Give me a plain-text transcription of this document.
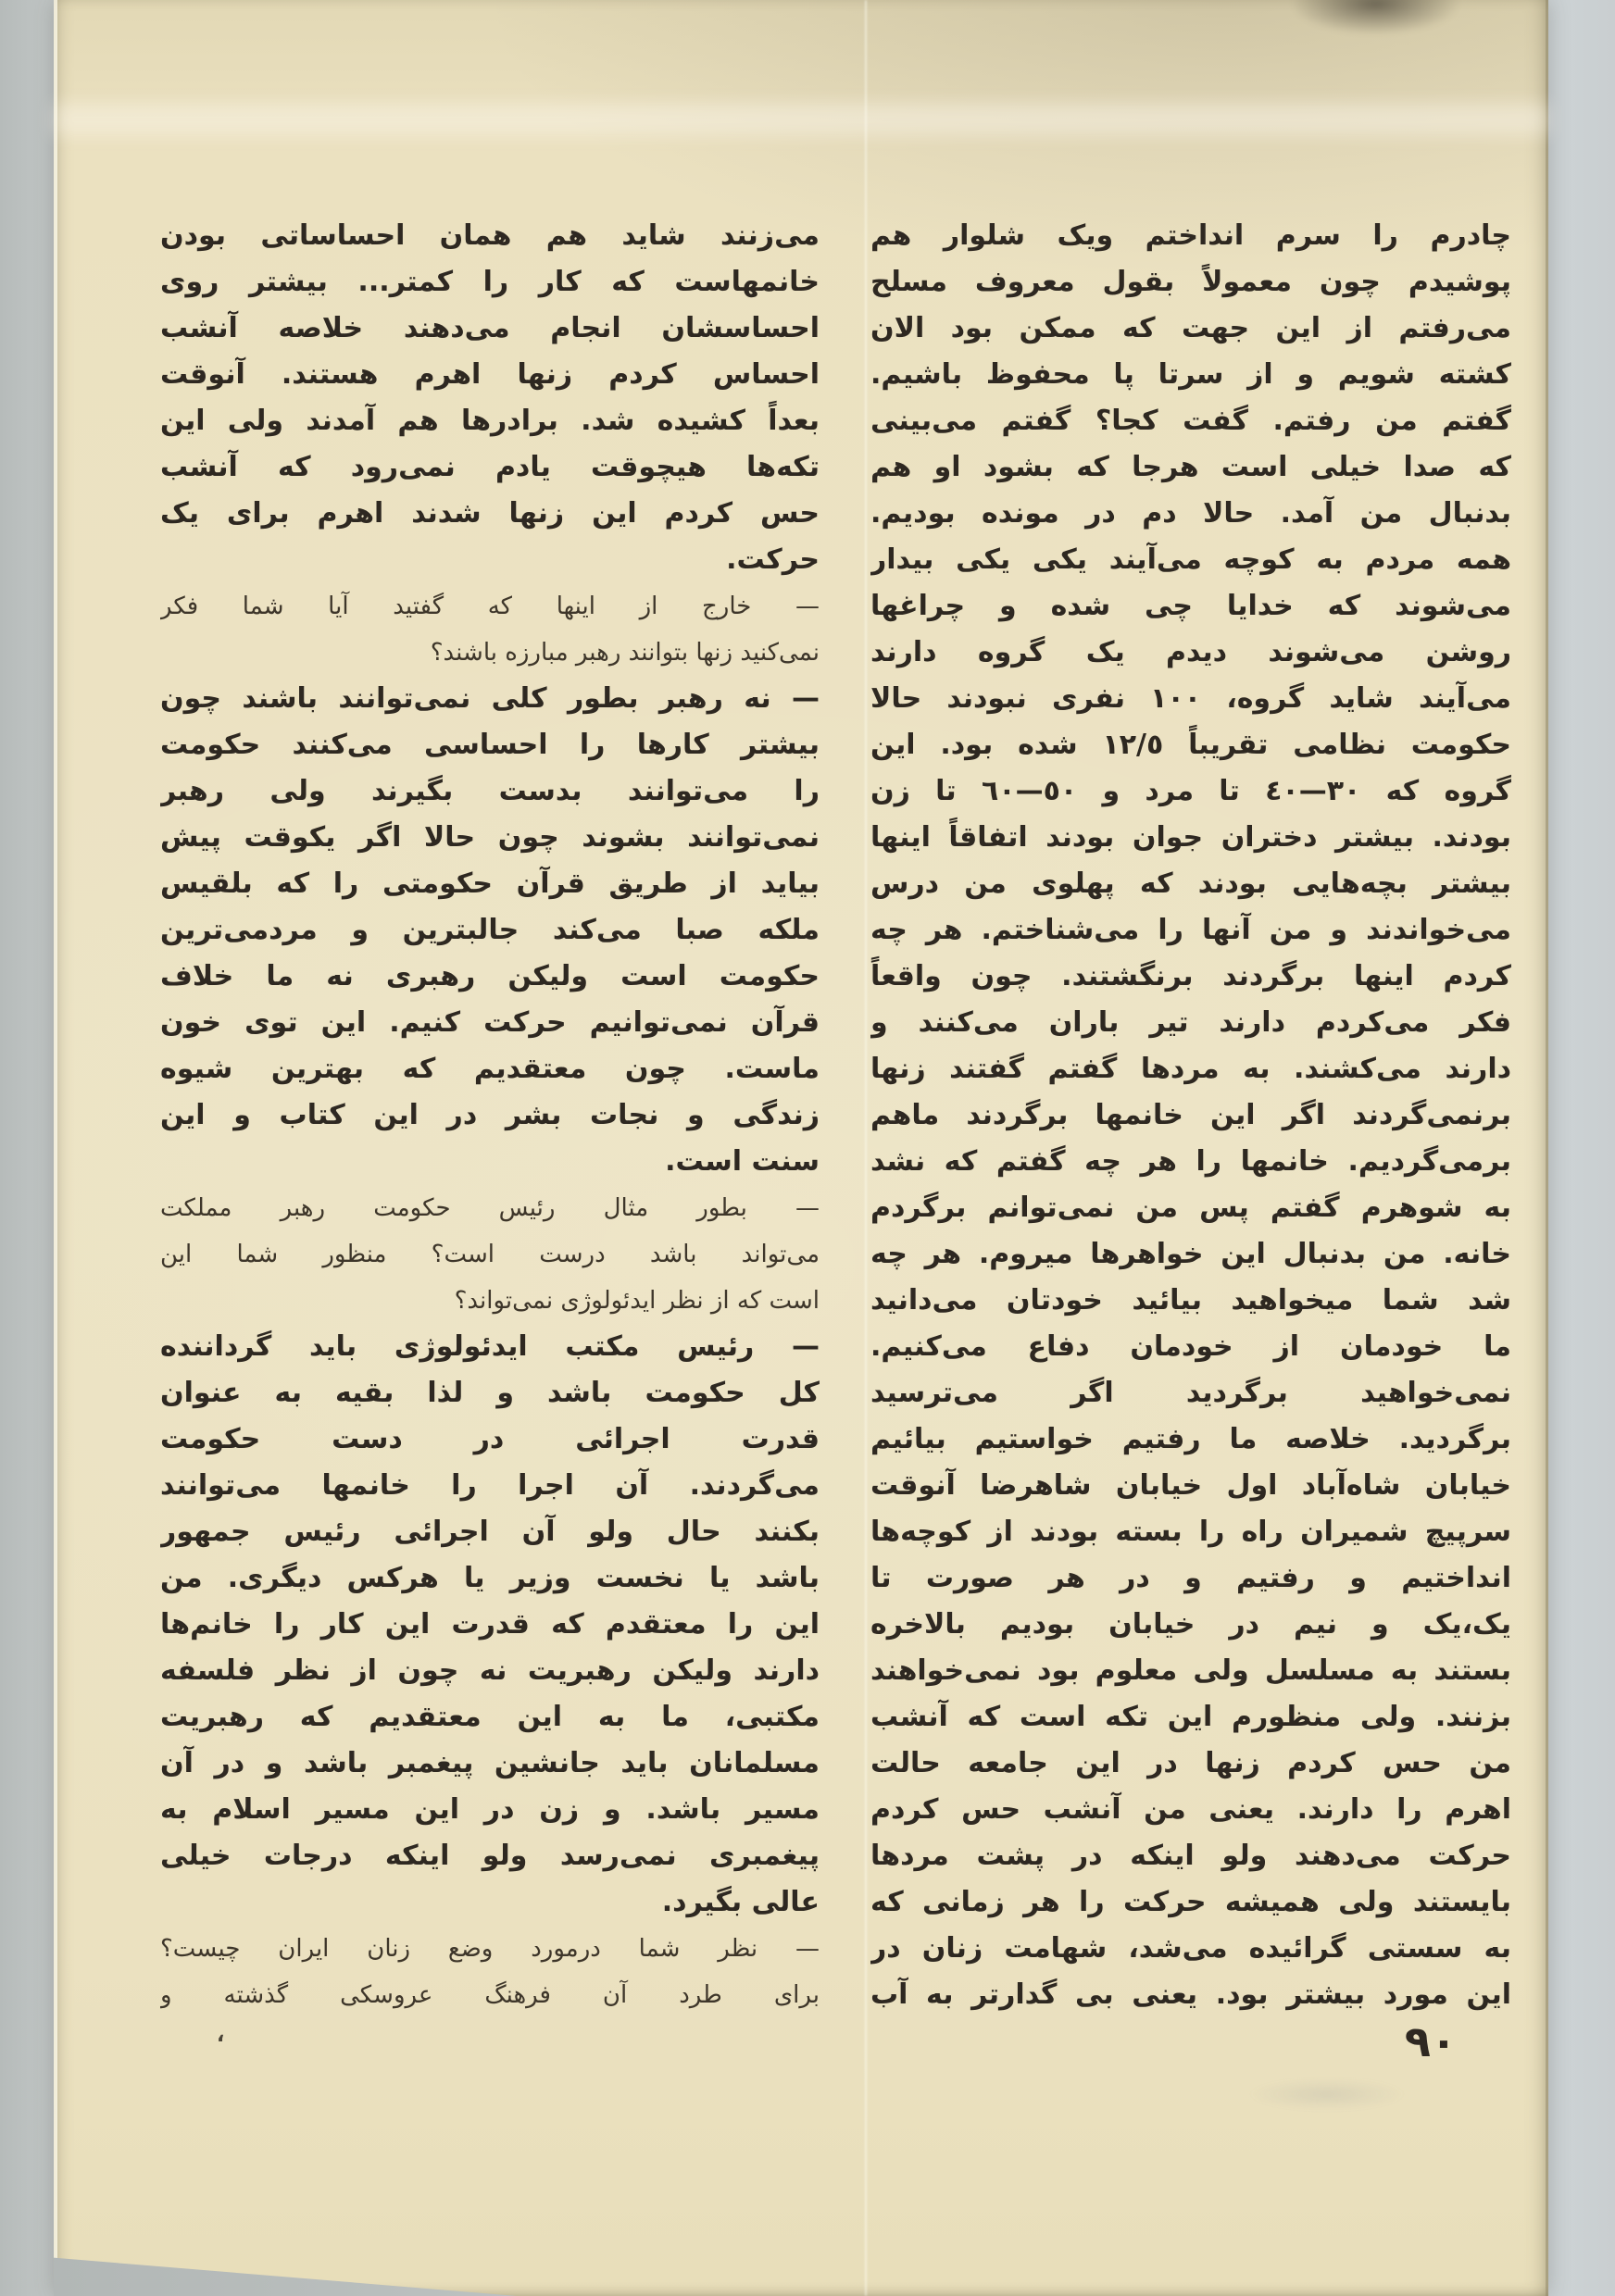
چادرم را سرم انداختم ویک شلوار هم
پوشیدم چون معمولاً بقول معروف مسلح
می‌رفتم از این جهت که ممکن بود الان
کشته شویم و از سرتا پا محفوظ باشیم.
گفتم من رفتم. گفت کجا؟ گفتم می‌بینی
که صدا خیلی است هرجا که بشود او هم
بدنبال من آمد. حالا دم در مونده بودیم.
همه مردم به کوچه می‌آیند یکی یکی بیدار
می‌شوند که خدایا چی شده و چراغها
روشن می‌شوند دیدم یک گروه دارند
می‌آیند شاید گروه، ١٠٠ نفری نبودند حالا
حکومت نظامی تقریباً ١٢/٥ شده بود. این
گروه که ٣٠—٤٠ تا مرد و ٥٠—٦٠ تا زن
بودند. بیشتر دختران جوان بودند اتفاقاً اینها
بیشتر بچه‌هایی بودند که پهلوی من درس
می‌خواندند و من آنها را می‌شناختم. هر چه
کردم اینها برگردند برنگشتند. چون واقعاً
فکر می‌کردم دارند تیر باران می‌کنند و
دارند می‌کشند. به مردها گفتم گفتند زنها
برنمی‌گردند اگر این خانمها برگردند ماهم
برمی‌گردیم. خانمها را هر چه گفتم که نشد
به شوهرم گفتم پس من نمی‌توانم برگردم
خانه. من بدنبال این خواهرها میروم. هر چه
شد شما میخواهید بیائید خودتان می‌دانید
ما خودمان از خودمان دفاع می‌کنیم.
نمی‌خواهید برگردید اگر می‌ترسید
برگردید. خلاصه ما رفتیم خواستیم بیائیم
خیابان شاه‌آباد اول خیابان شاهرضا آنوقت
سرپیچ شمیران راه را بسته بودند از کوچه‌ها
انداختیم و رفتیم و در هر صورت تا
یک،یک و نیم در خیابان بودیم بالاخره
بستند به مسلسل ولی معلوم بود نمی‌خواهند
بزنند. ولی منظورم این تکه است که آنشب
من حس کردم زنها در این جامعه حالت
اهرم را دارند. یعنی من آنشب حس کردم
حرکت می‌دهند ولو اینکه در پشت مردها
بایستند ولی همیشه حرکت را هر زمانی که
به سستی گرائیده می‌شد، شهامت زنان در
این مورد بیشتر بود. یعنی بی گدارتر به آب
می‌زنند شاید هم همان احساساتی بودن
خانمهاست که کار را کمتر... بیشتر روی
احساسشان انجام می‌دهند خلاصه آنشب
احساس کردم زنها اهرم هستند. آنوقت
بعداً کشیده شد. برادرها هم آمدند ولی این
تکه‌ها هیچوقت یادم نمی‌رود که آنشب
حس کردم این زنها شدند اهرم برای یک
حرکت.
— خارج از اینها که گفتید آیا شما فکر
نمی‌کنید زنها بتوانند رهبر مبارزه باشند؟
— نه رهبر بطور کلی نمی‌توانند باشند چون
بیشتر کارها را احساسی می‌کنند حکومت
را می‌توانند بدست بگیرند ولی رهبر
نمی‌توانند بشوند چون حالا اگر یکوقت پیش
بیاید از طریق قرآن حکومتی را که بلقیس
ملکه صبا می‌کند جالبترین و مردمی‌ترین
حکومت است ولیکن رهبری نه ما خلاف
قرآن نمی‌توانیم حرکت کنیم. این توی خون
ماست. چون معتقدیم که بهترین شیوه
زندگی و نجات بشر در این کتاب و این
سنت است.
— بطور مثال رئیس حکومت رهبر مملکت
می‌تواند باشد درست است؟ منظور شما این
است که از نظر ایدئولوژی نمی‌تواند؟
— رئیس مکتب ایدئولوژی باید گرداننده
کل حکومت باشد و لذا بقیه به عنوان
قدرت اجرائی در دست حکومت
می‌گردند. آن اجرا را خانمها می‌توانند
بکنند حال ولو آن اجرائی رئیس جمهور
باشد یا نخست وزیر یا هرکس دیگری. من
این را معتقدم که قدرت این کار را خانم‌ها
دارند ولیکن رهبریت نه چون از نظر فلسفه
مکتبی، ما به این معتقدیم که رهبریت
مسلمانان باید جانشین پیغمبر باشد و در آن
مسیر باشد. و زن در این مسیر اسلام به
پیغمبری نمی‌رسد ولو اینکه درجات خیلی
عالی بگیرد.
— نظر شما درمورد وضع زنان ایران چیست؟
برای طرد آن فرهنگ عروسکی گذشته و
٩٠
،
